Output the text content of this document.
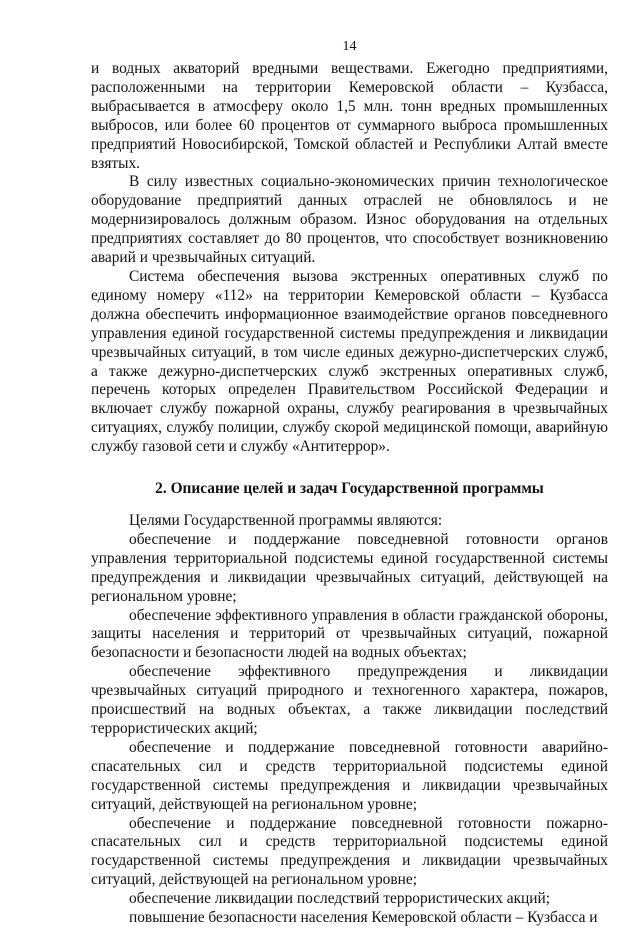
14

и водных акваторий вредными веществами. Ежегодно предприятиями, расположенными на территории Кемеровской области – Кузбасса, выбрасывается в атмосферу около 1,5 млн. тонн вредных промышленных выбросов, или более 60 процентов от суммарного выброса промышленных предприятий Новосибирской, Томской областей и Республики Алтай вместе взятых.

В силу известных социально-экономических причин технологическое оборудование предприятий данных отраслей не обновлялось и не модернизировалось должным образом. Износ оборудования на отдельных предприятиях составляет до 80 процентов, что способствует возникновению аварий и чрезвычайных ситуаций.

Система обеспечения вызова экстренных оперативных служб по единому номеру «112» на территории Кемеровской области – Кузбасса должна обеспечить информационное взаимодействие органов повседневного управления единой государственной системы предупреждения и ликвидации чрезвычайных ситуаций, в том числе единых дежурно-диспетчерских служб, а также дежурно-диспетчерских служб экстренных оперативных служб, перечень которых определен Правительством Российской Федерации и включает службу пожарной охраны, службу реагирования в чрезвычайных ситуациях, службу полиции, службу скорой медицинской помощи, аварийную службу газовой сети и службу «Антитеррор».

2. Описание целей и задач Государственной программы

Целями Государственной программы являются:

обеспечение и поддержание повседневной готовности органов управления территориальной подсистемы единой государственной системы предупреждения и ликвидации чрезвычайных ситуаций, действующей на региональном уровне;

обеспечение эффективного управления в области гражданской обороны, защиты населения и территорий от чрезвычайных ситуаций, пожарной безопасности и безопасности людей на водных объектах;

обеспечение эффективного предупреждения и ликвидации чрезвычайных ситуаций природного и техногенного характера, пожаров, происшествий на водных объектах, а также ликвидации последствий террористических акций;

обеспечение и поддержание повседневной готовности аварийно-спасательных сил и средств территориальной подсистемы единой государственной системы предупреждения и ликвидации чрезвычайных ситуаций, действующей на региональном уровне;

обеспечение и поддержание повседневной готовности пожарно-спасательных сил и средств территориальной подсистемы единой государственной системы предупреждения и ликвидации чрезвычайных ситуаций, действующей на региональном уровне;

обеспечение ликвидации последствий террористических акций;

повышение безопасности населения Кемеровской области – Кузбасса и
